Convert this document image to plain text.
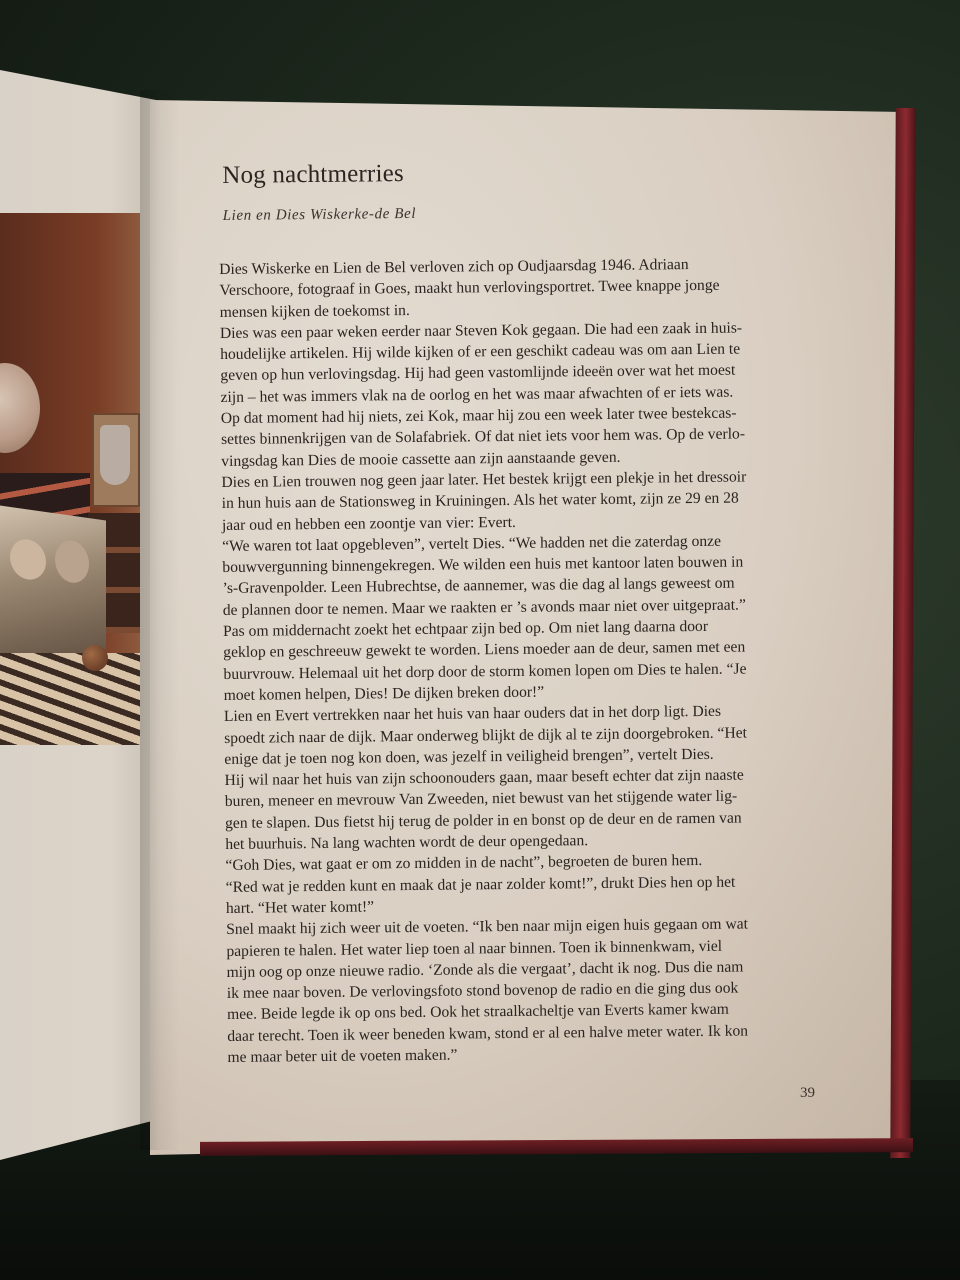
Nog nachtmerries
Lien en Dies Wiskerke-de Bel
Dies Wiskerke en Lien de Bel verloven zich op Oudjaarsdag 1946. Adriaan
Verschoore, fotograaf in Goes, maakt hun verlovingsportret. Twee knappe jonge
mensen kijken de toekomst in.
Dies was een paar weken eerder naar Steven Kok gegaan. Die had een zaak in huis-
houdelijke artikelen. Hij wilde kijken of er een geschikt cadeau was om aan Lien te
geven op hun verlovingsdag. Hij had geen vastomlijnde ideeën over wat het moest
zijn – het was immers vlak na de oorlog en het was maar afwachten of er iets was.
Op dat moment had hij niets, zei Kok, maar hij zou een week later twee bestekcas-
settes binnenkrijgen van de Solafabriek. Of dat niet iets voor hem was. Op de verlo-
vingsdag kan Dies de mooie cassette aan zijn aanstaande geven.
Dies en Lien trouwen nog geen jaar later. Het bestek krijgt een plekje in het dressoir
in hun huis aan de Stationsweg in Kruiningen. Als het water komt, zijn ze 29 en 28
jaar oud en hebben een zoontje van vier: Evert.
“We waren tot laat opgebleven”, vertelt Dies. “We hadden net die zaterdag onze
bouwvergunning binnengekregen. We wilden een huis met kantoor laten bouwen in
’s-Gravenpolder. Leen Hubrechtse, de aannemer, was die dag al langs geweest om
de plannen door te nemen. Maar we raakten er ’s avonds maar niet over uitgepraat.”
Pas om middernacht zoekt het echtpaar zijn bed op. Om niet lang daarna door
geklop en geschreeuw gewekt te worden. Liens moeder aan de deur, samen met een
buurvrouw. Helemaal uit het dorp door de storm komen lopen om Dies te halen. “Je
moet komen helpen, Dies! De dijken breken door!”
Lien en Evert vertrekken naar het huis van haar ouders dat in het dorp ligt. Dies
spoedt zich naar de dijk. Maar onderweg blijkt de dijk al te zijn doorgebroken. “Het
enige dat je toen nog kon doen, was jezelf in veiligheid brengen”, vertelt Dies.
Hij wil naar het huis van zijn schoonouders gaan, maar beseft echter dat zijn naaste
buren, meneer en mevrouw Van Zweeden, niet bewust van het stijgende water lig-
gen te slapen. Dus fietst hij terug de polder in en bonst op de deur en de ramen van
het buurhuis. Na lang wachten wordt de deur opengedaan.
“Goh Dies, wat gaat er om zo midden in de nacht”, begroeten de buren hem.
“Red wat je redden kunt en maak dat je naar zolder komt!”, drukt Dies hen op het
hart. “Het water komt!”
Snel maakt hij zich weer uit de voeten. “Ik ben naar mijn eigen huis gegaan om wat
papieren te halen. Het water liep toen al naar binnen. Toen ik binnenkwam, viel
mijn oog op onze nieuwe radio. ‘Zonde als die vergaat’, dacht ik nog. Dus die nam
ik mee naar boven. De verlovingsfoto stond bovenop de radio en die ging dus ook
mee. Beide legde ik op ons bed. Ook het straalkacheltje van Everts kamer kwam
daar terecht. Toen ik weer beneden kwam, stond er al een halve meter water. Ik kon
me maar beter uit de voeten maken.”
39
